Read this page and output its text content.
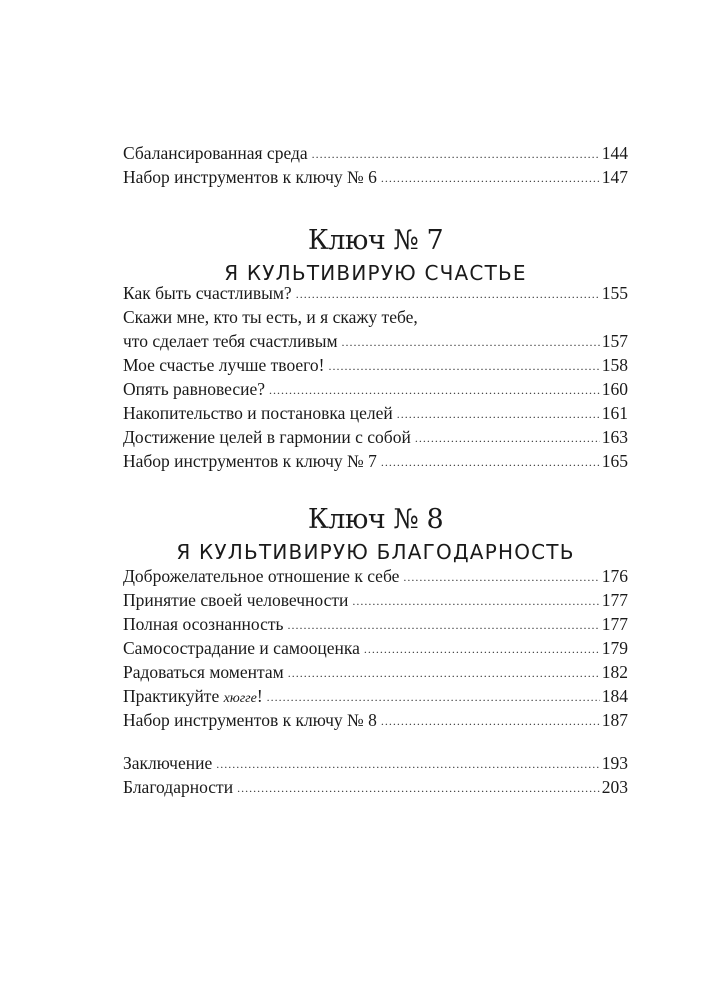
Сбалансированная среда .....	144
Набор инструментов к ключу № 6 .....	147
Ключ № 7
Я КУЛЬТИВИРУЮ СЧАСТЬЕ
Как быть счастливым? .....	155
Скажи мне, кто ты есть, и я скажу тебе,
что сделает тебя счастливым .....	157
Мое счастье лучше твоего! .....	158
Опять равновесие? .....	160
Накопительство и постановка целей .....	161
Достижение целей в гармонии с собой .....	163
Набор инструментов к ключу № 7 .....	165
Ключ № 8
Я КУЛЬТИВИРУЮ БЛАГОДАРНОСТЬ
Доброжелательное отношение к себе .....	176
Принятие своей человечности .....	177
Полная осознанность .....	177
Самосострадание и самооценка .....	179
Радоваться моментам .....	182
Практикуйте хюгге! .....	184
Набор инструментов к ключу № 8 .....	187
Заключение .....	193
Благодарности .....	203
